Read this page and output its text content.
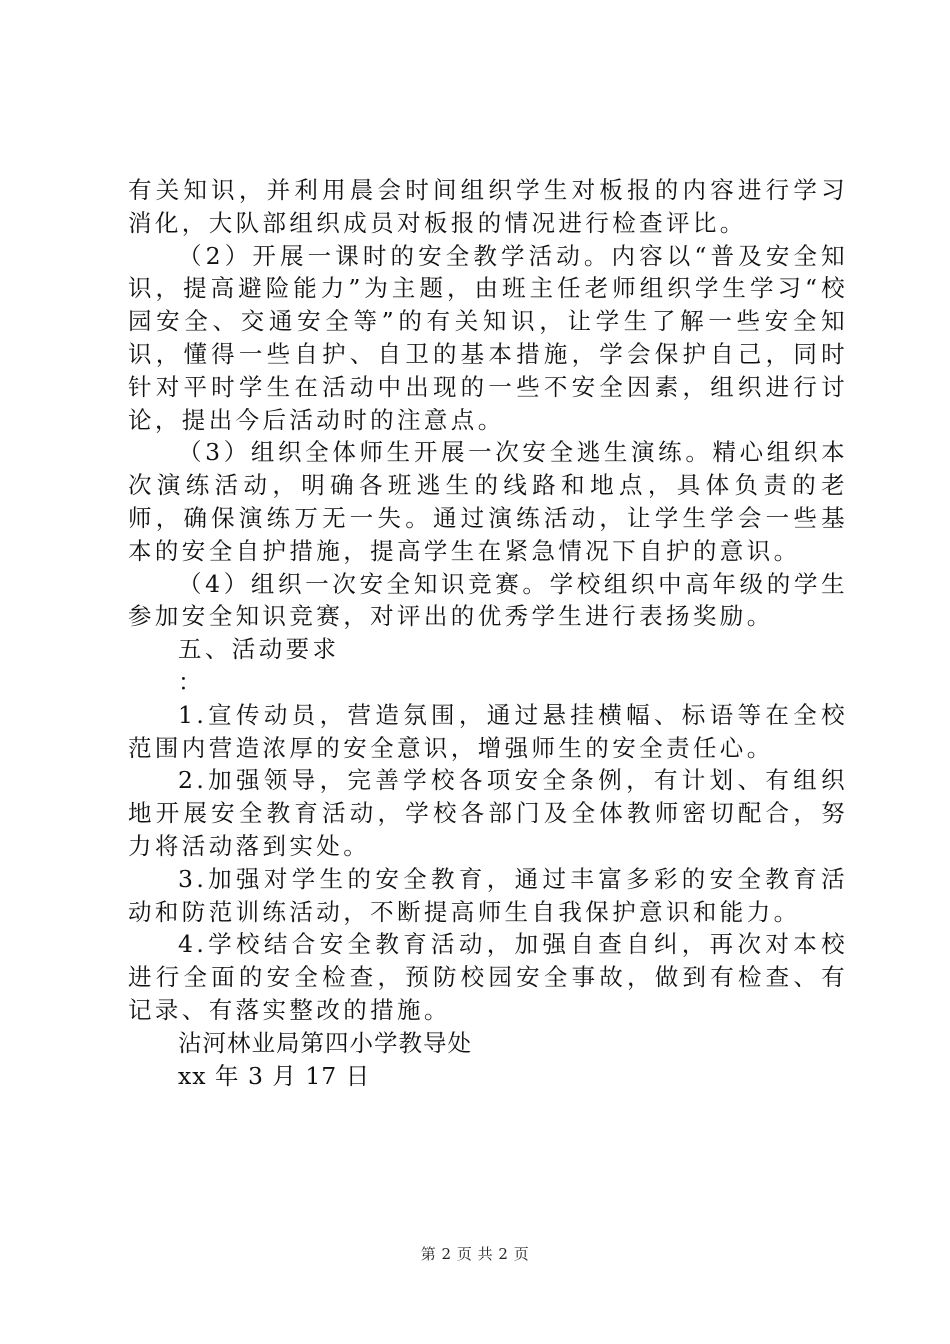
有关知识，并利用晨会时间组织学生对板报的内容进行学习消化，大队部组织成员对板报的情况进行检查评比。

（2）开展一课时的安全教学活动。内容以“普及安全知识，提高避险能力”为主题，由班主任老师组织学生学习“校园安全、交通安全等”的有关知识，让学生了解一些安全知识，懂得一些自护、自卫的基本措施，学会保护自己，同时针对平时学生在活动中出现的一些不安全因素，组织进行讨论，提出今后活动时的注意点。

（3）组织全体师生开展一次安全逃生演练。精心组织本次演练活动，明确各班逃生的线路和地点，具体负责的老师，确保演练万无一失。通过演练活动，让学生学会一些基本的安全自护措施，提高学生在紧急情况下自护的意识。

（4）组织一次安全知识竞赛。学校组织中高年级的学生参加安全知识竞赛，对评出的优秀学生进行表扬奖励。

五、活动要求

：

1.宣传动员，营造氛围，通过悬挂横幅、标语等在全校范围内营造浓厚的安全意识，增强师生的安全责任心。

2.加强领导，完善学校各项安全条例，有计划、有组织地开展安全教育活动，学校各部门及全体教师密切配合，努力将活动落到实处。

3.加强对学生的安全教育，通过丰富多彩的安全教育活动和防范训练活动，不断提高师生自我保护意识和能力。

4.学校结合安全教育活动，加强自查自纠，再次对本校进行全面的安全检查，预防校园安全事故，做到有检查、有记录、有落实整改的措施。

沾河林业局第四小学教导处

xx 年 3 月 17 日

第 2 页 共 2 页
